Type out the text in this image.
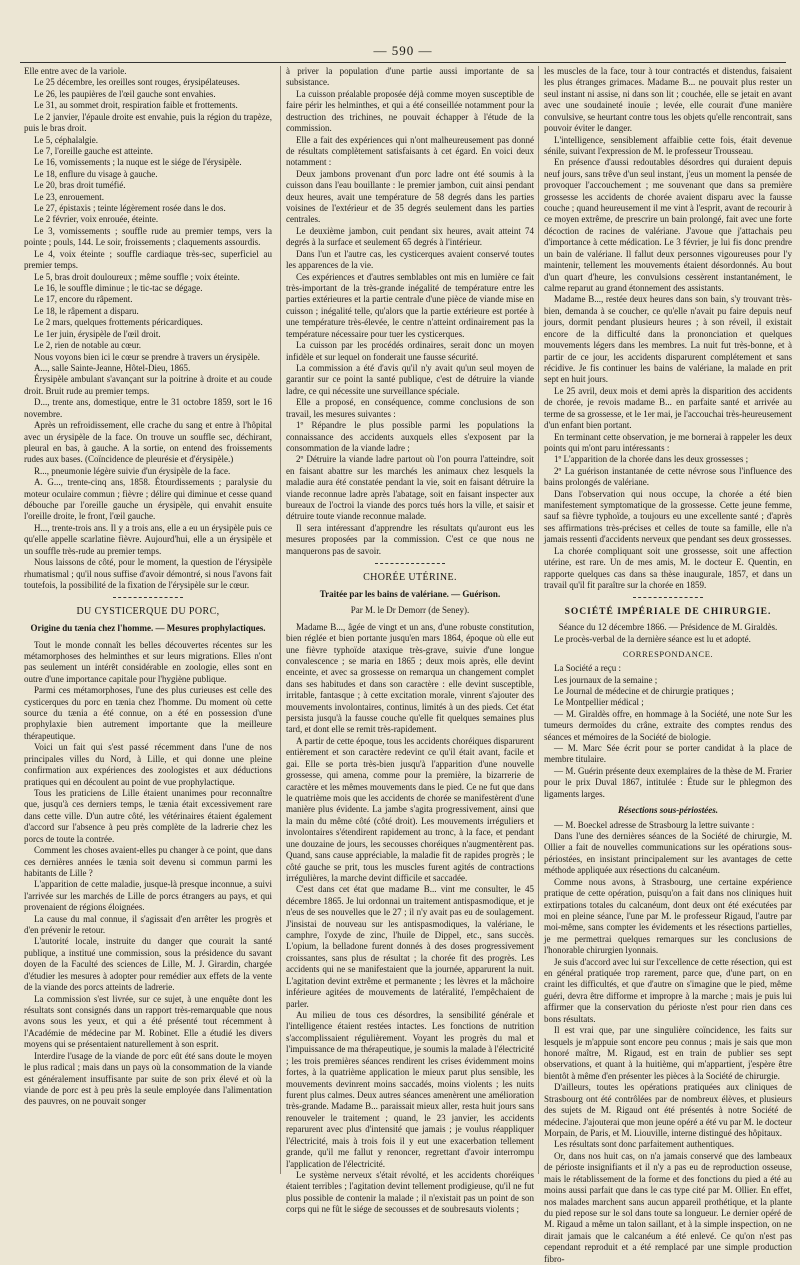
— 590 —

Elle entre avec de la variole.

Le 25 décembre, les oreilles sont rouges, érysipélateuses.

Le 26, les paupières de l'œil gauche sont envahies.

Le 31, au sommet droit, respiration faible et frottements.

Le 2 janvier, l'épaule droite est envahie, puis la région du trapèze, puis le bras droit.

Le 5, céphalalgie.

Le 7, l'oreille gauche est atteinte.

Le 16, vomissements ; la nuque est le siége de l'érysipèle.

Le 18, enflure du visage à gauche.

Le 20, bras droit tuméfié.

Le 23, enrouement.

Le 27, épistaxis ; teinte légèrement rosée dans le dos.

Le 2 février, voix enrouée, éteinte.

Le 3, vomissements ; souffle rude au premier temps, vers la pointe ; pouls, 144. Le soir, froissements ; claquements assourdis.

Le 4, voix éteinte ; souffle cardiaque très-sec, superficiel au premier temps.

Le 5, bras droit douloureux ; même souffle ; voix éteinte.

Le 16, le souffle diminue ; le tic-tac se dégage.

Le 17, encore du râpement.

Le 18, le râpement a disparu.

Le 2 mars, quelques frottements péricardiques.

Le 1er juin, érysipèle de l'œil droit.

Le 2, rien de notable au cœur.

Nous voyons bien ici le cœur se prendre à travers un érysipèle.

A..., salle Sainte-Jeanne, Hôtel-Dieu, 1865.

Érysipèle ambulant s'avançant sur la poitrine à droite et au coude droit. Bruit rude au premier temps.

D..., trente ans, domestique, entre le 31 octobre 1859, sort le 16 novembre.

Après un refroidissement, elle crache du sang et entre à l'hôpital avec un érysipèle de la face. On trouve un souffle sec, déchirant, pleural en bas, à gauche. A la sortie, on entend des froissements rudes aux bases. (Coïncidence de pleurésie et d'érysipèle.)

R..., pneumonie légère suivie d'un érysipèle de la face.

A. G..., trente-cinq ans, 1858. Étourdissements ; paralysie du moteur oculaire commun ; fièvre ; délire qui diminue et cesse quand débouche par l'oreille gauche un érysipèle, qui envahit ensuite l'oreille droite, le front, l'œil gauche.

H..., trente-trois ans. Il y a trois ans, elle a eu un érysipèle puis ce qu'elle appelle scarlatine fièvre. Aujourd'hui, elle a un érysipèle et un souffle très-rude au premier temps.

Nous laissons de côté, pour le moment, la question de l'érysipèle rhumatismal ; qu'il nous suffise d'avoir démontré, si nous l'avons fait toutefois, la possibilité de la fixation de l'érysipèle sur le cœur.

DU CYSTICERQUE DU PORC,
Origine du tænia chez l'homme. — Mesures prophylactiques.

Tout le monde connaît les belles découvertes récentes sur les métamorphoses des helminthes et sur leurs migrations. Elles n'ont pas seulement un intérêt considérable en zoologie, elles sont en outre d'une importance capitale pour l'hygiène publique.

Parmi ces métamorphoses, l'une des plus curieuses est celle des cysticerques du porc en tænia chez l'homme. Du moment où cette source du tænia a été connue, on a été en possession d'une prophylaxie bien autrement importante que la meilleure thérapeutique.

Voici un fait qui s'est passé récemment dans l'une de nos principales villes du Nord, à Lille, et qui donne une pleine confirmation aux expériences des zoologistes et aux déductions pratiques qui en découlent au point de vue prophylactique.

Tous les praticiens de Lille étaient unanimes pour reconnaître que, jusqu'à ces derniers temps, le tænia était excessivement rare dans cette ville. D'un autre côté, les vétérinaires étaient également d'accord sur l'absence à peu près complète de la ladrerie chez les porcs de toute la contrée.

Comment les choses avaient-elles pu changer à ce point, que dans ces dernières années le tænia soit devenu si commun parmi les habitants de Lille ?

L'apparition de cette maladie, jusque-là presque inconnue, a suivi l'arrivée sur les marchés de Lille de porcs étrangers au pays, et qui provenaient de régions éloignées.

La cause du mal connue, il s'agissait d'en arrêter les progrès et d'en prévenir le retour.

L'autorité locale, instruite du danger que courait la santé publique, a institué une commission, sous la présidence du savant doyen de la Faculté des sciences de Lille, M. J. Girardin, chargée d'étudier les mesures à adopter pour remédier aux effets de la vente de la viande des porcs atteints de ladrerie.

La commission s'est livrée, sur ce sujet, à une enquête dont les résultats sont consignés dans un rapport très-remarquable que nous avons sous les yeux, et qui a été présenté tout récemment à l'Académie de médecine par M. Robinet. Elle a étudié les divers moyens qui se présentaient naturellement à son esprit.

Interdire l'usage de la viande de porc eût été sans doute le moyen le plus radical ; mais dans un pays où la consommation de la viande est généralement insuffisante par suite de son prix élevé et où la viande de porc est à peu près la seule employée dans l'alimentation des pauvres, on ne pouvait songer

à priver la population d'une partie aussi importante de sa subsistance.

La cuisson préalable proposée déjà comme moyen susceptible de faire périr les helminthes, et qui a été conseillée notamment pour la destruction des trichines, ne pouvait échapper à l'étude de la commission.

Elle a fait des expériences qui n'ont malheureusement pas donné de résultats complètement satisfaisants à cet égard. En voici deux notamment :

Deux jambons provenant d'un porc ladre ont été soumis à la cuisson dans l'eau bouillante : le premier jambon, cuit ainsi pendant deux heures, avait une température de 58 degrés dans les parties voisines de l'extérieur et de 35 degrés seulement dans les parties centrales.

Le deuxième jambon, cuit pendant six heures, avait atteint 74 degrés à la surface et seulement 65 degrés à l'intérieur.

Dans l'un et l'autre cas, les cysticerques avaient conservé toutes les apparences de la vie.

Ces expériences et d'autres semblables ont mis en lumière ce fait très-important de la très-grande inégalité de température entre les parties extérieures et la partie centrale d'une pièce de viande mise en cuisson ; inégalité telle, qu'alors que la partie extérieure est portée à une température très-élevée, le centre n'atteint ordinairement pas la température nécessaire pour tuer les cysticerques.

La cuisson par les procédés ordinaires, serait donc un moyen infidèle et sur lequel on fonderait une fausse sécurité.

La commission a été d'avis qu'il n'y avait qu'un seul moyen de garantir sur ce point la santé publique, c'est de détruire la viande ladre, ce qui nécessite une surveillance spéciale.

Elle a proposé, en conséquence, comme conclusions de son travail, les mesures suivantes :

1º Répandre le plus possible parmi les populations la connaissance des accidents auxquels elles s'exposent par la consommation de la viande ladre ;

2º Détruire la viande ladre partout où l'on pourra l'atteindre, soit en faisant abattre sur les marchés les animaux chez lesquels la maladie aura été constatée pendant la vie, soit en faisant détruire la viande reconnue ladre après l'abatage, soit en faisant inspecter aux bureaux de l'octroi la viande des porcs tués hors la ville, et saisir et détruire toute viande reconnue malade.

Il sera intéressant d'apprendre les résultats qu'auront eus les mesures proposées par la commission. C'est ce que nous ne manquerons pas de savoir.

CHORÉE UTÉRINE.
Traitée par les bains de valériane. — Guérison.
Par M. le Dr Demorr (de Seney).

Madame B..., âgée de vingt et un ans, d'une robuste constitution, bien réglée et bien portante jusqu'en mars 1864, époque où elle eut une fièvre typhoïde ataxique très-grave, suivie d'une longue convalescence ; se maria en 1865 ; deux mois après, elle devint enceinte, et avec sa grossesse on remarqua un changement complet dans ses habitudes et dans son caractère : elle devint susceptible, irritable, fantasque ; à cette excitation morale, vinrent s'ajouter des mouvements involontaires, continus, limités à un des pieds. Cet état persista jusqu'à la fausse couche qu'elle fit quelques semaines plus tard, et dont elle se remit très-rapidement.

A partir de cette époque, tous les accidents choréiques disparurent entièrement et son caractère redevint ce qu'il était avant, facile et gai. Elle se porta très-bien jusqu'à l'apparition d'une nouvelle grossesse, qui amena, comme pour la première, la bizarrerie de caractère et les mêmes mouvements dans le pied. Ce ne fut que dans le quatrième mois que les accidents de chorée se manifestèrent d'une manière plus évidente. La jambe s'agita progressivement, ainsi que la main du même côté (côté droit). Les mouvements irréguliers et involontaires s'étendirent rapidement au tronc, à la face, et pendant une douzaine de jours, les secousses choréiques n'augmentèrent pas. Quand, sans cause appréciable, la maladie fit de rapides progrès ; le côté gauche se prit, tous les muscles furent agités de contractions irrégulières, la marche devint difficile et saccadée.

C'est dans cet état que madame B... vint me consulter, le 45 décembre 1865. Je lui ordonnai un traitement antispasmodique, et je n'eus de ses nouvelles que le 27 ; il n'y avait pas eu de soulagement. J'insistai de nouveau sur les antispasmodiques, la valériane, le camphre, l'oxyde de zinc, l'huile de Dippel, etc., sans succès. L'opium, la belladone furent donnés à des doses progressivement croissantes, sans plus de résultat ; la chorée fit des progrès. Les accidents qui ne se manifestaient que la journée, apparurent la nuit. L'agitation devint extrême et permanente ; les lèvres et la mâchoire inférieure agitées de mouvements de latéralité, l'empêchaient de parler.

Au milieu de tous ces désordres, la sensibilité générale et l'intelligence étaient restées intactes. Les fonctions de nutrition s'accomplissaient régulièrement. Voyant les progrès du mal et l'impuissance de ma thérapeutique, je soumis la malade à l'électricité ; les trois premières séances rendirent les crises évidemment moins fortes, à la quatrième application le mieux parut plus sensible, les mouvements devinrent moins saccadés, moins violents ; les nuits furent plus calmes. Deux autres séances amenèrent une amélioration très-grande. Madame B... paraissait mieux aller, resta huit jours sans renouveler le traitement ; quand, le 23 janvier, les accidents reparurent avec plus d'intensité que jamais ; je voulus réappliquer l'électricité, mais à trois fois il y eut une exacerbation tellement grande, qu'il me fallut y renoncer, regrettant d'avoir interrompu l'application de l'électricité.

Le système nerveux s'était révolté, et les accidents choréiques étaient terribles ; l'agitation devint tellement prodigieuse, qu'il ne fut plus possible de contenir la malade ; il n'existait pas un point de son corps qui ne fût le siége de secousses et de soubresauts violents ;

les muscles de la face, tour à tour contractés et distendus, faisaient les plus étranges grimaces. Madame B... ne pouvait plus rester un seul instant ni assise, ni dans son lit ; couchée, elle se jetait en avant avec une soudaineté inouïe ; levée, elle courait d'une manière convulsive, se heurtant contre tous les objets qu'elle rencontrait, sans pouvoir éviter le danger.

L'intelligence, sensiblement affaiblie cette fois, était devenue sénile, suivant l'expression de M. le professeur Trousseau.

En présence d'aussi redoutables désordres qui duraient depuis neuf jours, sans trêve d'un seul instant, j'eus un moment la pensée de provoquer l'accouchement ; me souvenant que dans sa première grossesse les accidents de chorée avaient disparu avec la fausse couche ; quand heureusement il me vint à l'esprit, avant de recourir à ce moyen extrême, de prescrire un bain prolongé, fait avec une forte décoction de racines de valériane. J'avoue que j'attachais peu d'importance à cette médication. Le 3 février, je lui fis donc prendre un bain de valériane. Il fallut deux personnes vigoureuses pour l'y maintenir, tellement les mouvements étaient désordonnés. Au bout d'un quart d'heure, les convulsions cessèrent instantanément, le calme reparut au grand étonnement des assistants.

Madame B..., restée deux heures dans son bain, s'y trouvant très-bien, demanda à se coucher, ce qu'elle n'avait pu faire depuis neuf jours, dormit pendant plusieurs heures ; à son réveil, il existait encore de la difficulté dans la prononciation et quelques mouvements légers dans les membres. La nuit fut très-bonne, et à partir de ce jour, les accidents disparurent complétement et sans récidive. Je fis continuer les bains de valériane, la malade en prit sept en huit jours.

Le 25 avril, deux mois et demi après la disparition des accidents de chorée, je revois madame B... en parfaite santé et arrivée au terme de sa grossesse, et le 1er mai, je l'accouchai très-heureusement d'un enfant bien portant.

En terminant cette observation, je me bornerai à rappeler les deux points qui m'ont paru intéressants :

1º L'apparition de la chorée dans les deux grossesses ;

2º La guérison instantanée de cette névrose sous l'influence des bains prolongés de valériane.

Dans l'observation qui nous occupe, la chorée a été bien manifestement symptomatique de la grossesse. Cette jeune femme, sauf sa fièvre typhoïde, a toujours eu une excellente santé ; d'après ses affirmations très-précises et celles de toute sa famille, elle n'a jamais ressenti d'accidents nerveux que pendant ses deux grossesses.

La chorée compliquant soit une grossesse, soit une affection utérine, est rare. Un de mes amis, M. le docteur E. Quentin, en rapporte quelques cas dans sa thèse inaugurale, 1857, et dans un travail qu'il fit paraître sur la chorée en 1859.

SOCIÉTÉ IMPÉRIALE DE CHIRURGIE.

Séance du 12 décembre 1866. — Présidence de M. Giraldès.

Le procès-verbal de la dernière séance est lu et adopté.

CORRESPONDANCE.

La Société a reçu :

Les journaux de la semaine ;

Le Journal de médecine et de chirurgie pratiques ;

Le Montpellier médical ;

— M. Giraldès offre, en hommage à la Société, une note Sur les tumeurs dermoïdes du crâne, extraite des comptes rendus des séances et mémoires de la Société de biologie.

— M. Marc Sée écrit pour se porter candidat à la place de membre titulaire.

— M. Guérin présente deux exemplaires de la thèse de M. Frarier pour le prix Duval 1867, intitulée : Étude sur le phlegmon des ligaments larges.

Résections sous-périostées.

— M. Boeckel adresse de Strasbourg la lettre suivante :

Dans l'une des dernières séances de la Société de chirurgie, M. Ollier a fait de nouvelles communications sur les opérations sous-périostées, en insistant principalement sur les avantages de cette méthode appliquée aux résections du calcanéum.

Comme nous avons, à Strasbourg, une certaine expérience pratique de cette opération, puisqu'on a fait dans nos cliniques huit extirpations totales du calcanéum, dont deux ont été exécutées par moi en pleine séance, l'une par M. le professeur Rigaud, l'autre par moi-même, sans compter les évidements et les résections partielles, je me permettrai quelques remarques sur les conclusions de l'honorable chirurgien lyonnais.

Je suis d'accord avec lui sur l'excellence de cette résection, qui est en général pratiquée trop rarement, parce que, d'une part, on en craint les difficultés, et que d'autre on s'imagine que le pied, même guéri, devra être difforme et impropre à la marche ; mais je puis lui affirmer que la conservation du périoste n'est pour rien dans ces bons résultats.

Il est vrai que, par une singulière coïncidence, les faits sur lesquels je m'appuie sont encore peu connus ; mais je sais que mon honoré maître, M. Rigaud, est en train de publier ses sept observations, et quant à la huitième, qui m'appartient, j'espère être bientôt à même d'en présenter les pièces à la Société de chirurgie.

D'ailleurs, toutes les opérations pratiquées aux cliniques de Strasbourg ont été contrôlées par de nombreux élèves, et plusieurs des sujets de M. Rigaud ont été présentés à notre Société de médecine. J'ajouterai que mon jeune opéré a été vu par M. le docteur Morpain, de Paris, et M. Liouville, interne distingué des hôpitaux.

Les résultats sont donc parfaitement authentiques.

Or, dans nos huit cas, on n'a jamais conservé que des lambeaux de périoste insignifiants et il n'y a pas eu de reproduction osseuse, mais le rétablissement de la forme et des fonctions du pied a été au moins aussi parfait que dans le cas type cité par M. Ollier. En effet, nos malades marchent sans aucun appareil prothétique, et la plante du pied repose sur le sol dans toute sa longueur. Le dernier opéré de M. Rigaud a même un talon saillant, et à la simple inspection, on ne dirait jamais que le calcanéum a été enlevé. Ce qu'on n'est pas cependant reproduit et a été remplacé par une simple production fibro-
